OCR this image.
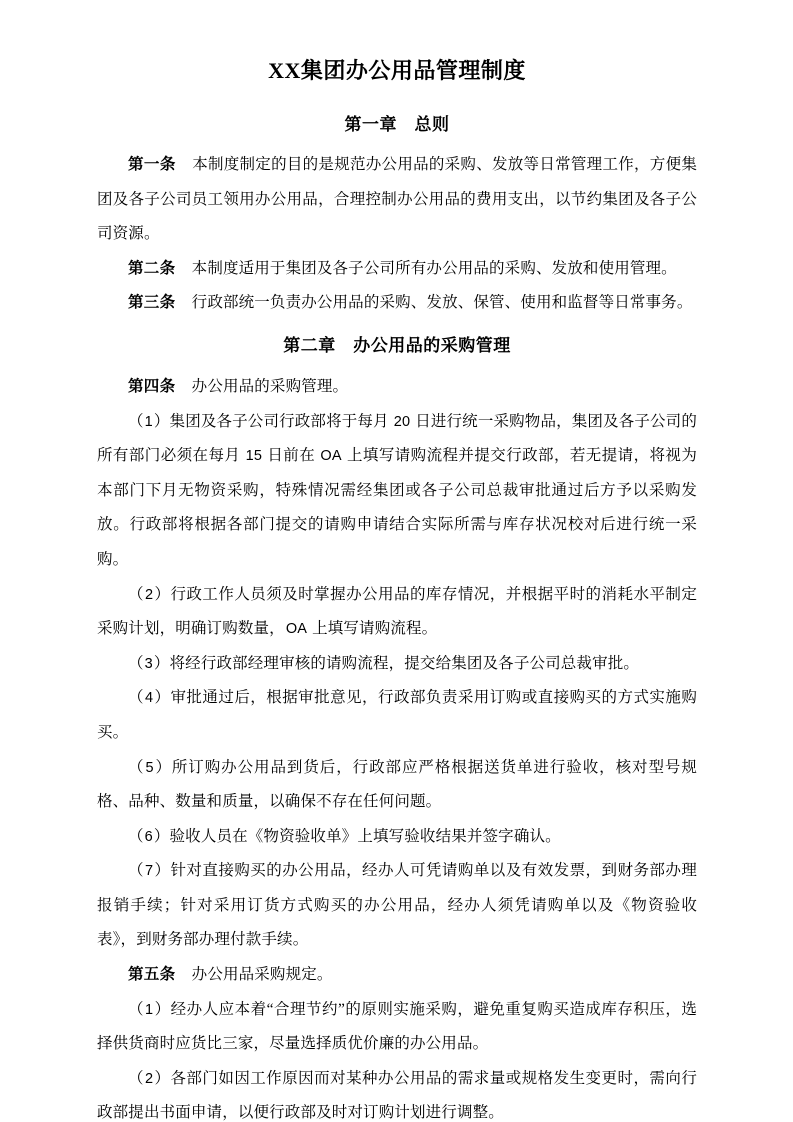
XX集团办公用品管理制度
第一章　总则

第一条 本制度制定的目的是规范办公用品的采购、发放等日常管理工作，方便集团及各子公司员工领用办公用品，合理控制办公用品的费用支出，以节约集团及各子公司资源。

第二条 本制度适用于集团及各子公司所有办公用品的采购、发放和使用管理。

第三条 行政部统一负责办公用品的采购、发放、保管、使用和监督等日常事务。

第二章　办公用品的采购管理

第四条 办公用品的采购管理。

（1）集团及各子公司行政部将于每月 20 日进行统一采购物品，集团及各子公司的所有部门必须在每月 15 日前在 OA 上填写请购流程并提交行政部，若无提请，将视为本部门下月无物资采购，特殊情况需经集团或各子公司总裁审批通过后方予以采购发放。行政部将根据各部门提交的请购申请结合实际所需与库存状况校对后进行统一采购。

（2）行政工作人员须及时掌握办公用品的库存情况，并根据平时的消耗水平制定采购计划，明确订购数量，OA 上填写请购流程。

（3）将经行政部经理审核的请购流程，提交给集团及各子公司总裁审批。

（4）审批通过后，根据审批意见，行政部负责采用订购或直接购买的方式实施购买。

（5）所订购办公用品到货后，行政部应严格根据送货单进行验收，核对型号规格、品种、数量和质量，以确保不存在任何问题。

（6）验收人员在《物资验收单》上填写验收结果并签字确认。

（7）针对直接购买的办公用品，经办人可凭请购单以及有效发票，到财务部办理报销手续；针对采用订货方式购买的办公用品，经办人须凭请购单以及《物资验收表》，到财务部办理付款手续。

第五条 办公用品采购规定。

（1）经办人应本着“合理节约”的原则实施采购，避免重复购买造成库存积压，选择供货商时应货比三家，尽量选择质优价廉的办公用品。

（2）各部门如因工作原因而对某种办公用品的需求量或规格发生变更时，需向行政部提出书面申请，以便行政部及时对订购计划进行调整。
